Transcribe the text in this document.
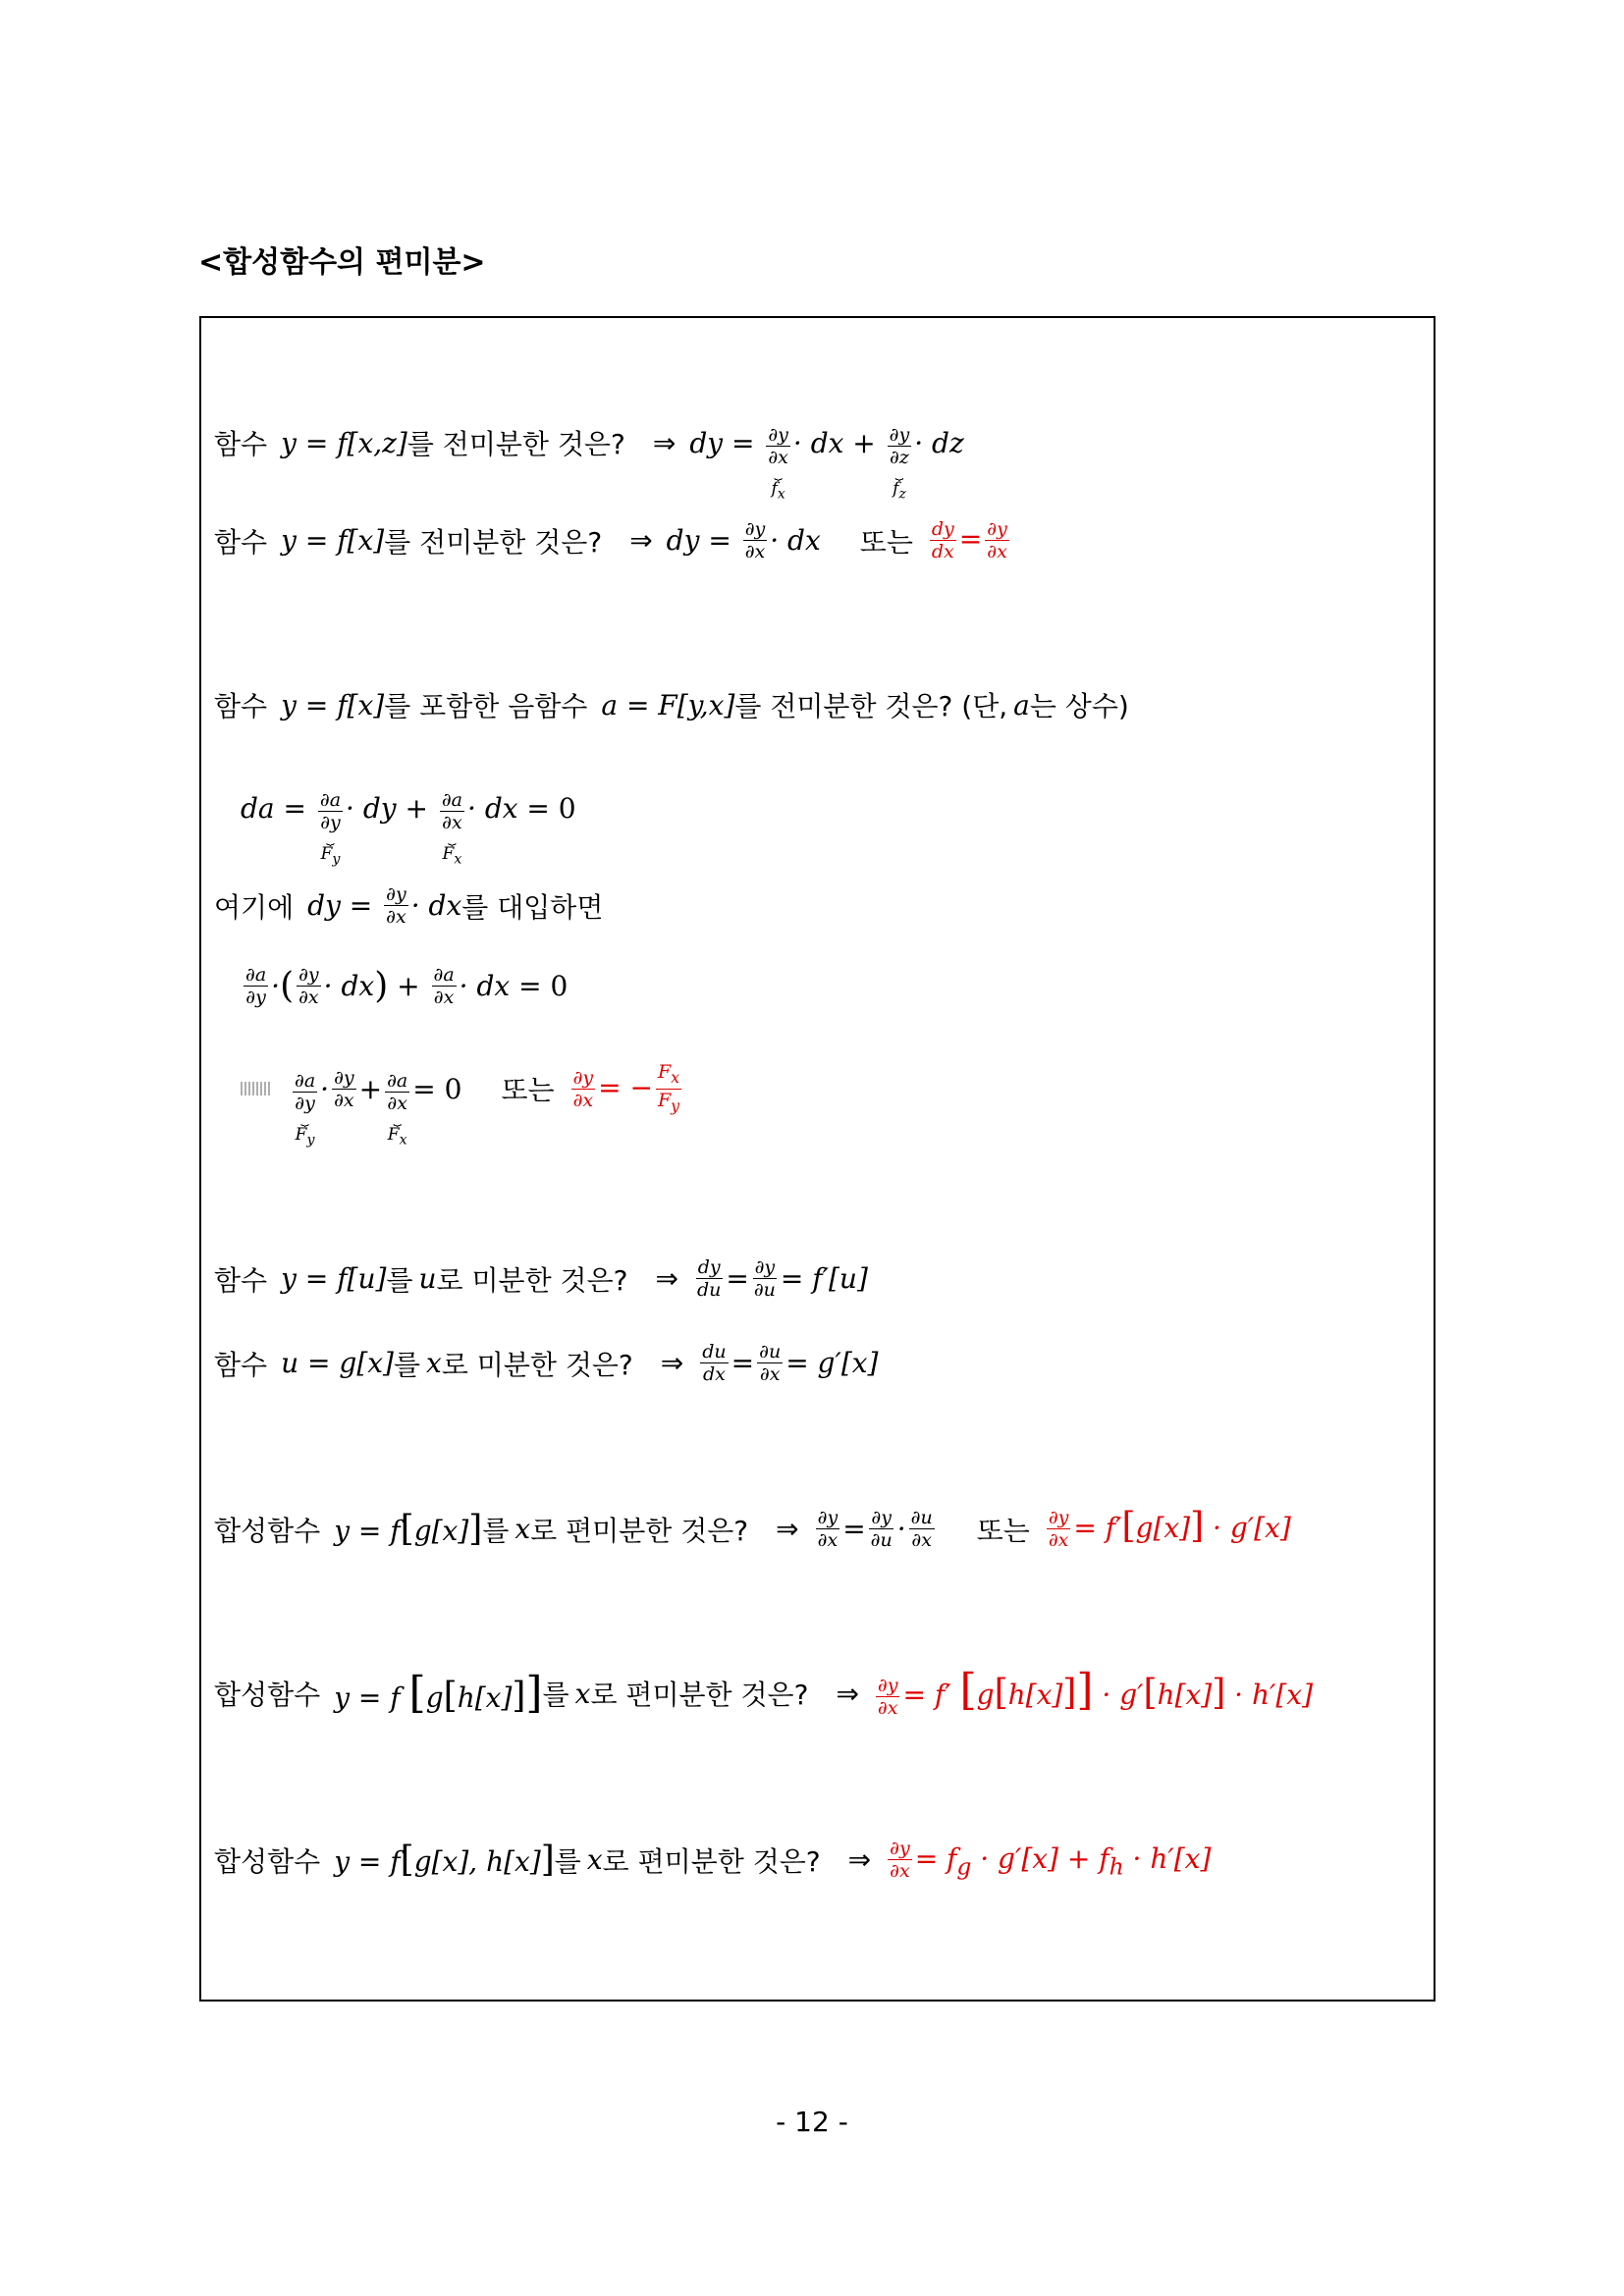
<합성함수의 편미분>
함수 y = f[x,z] 를 전미분한 것은? ⇒ dy = ∂y
∂x
⏟
$f_x$
· dx + ∂y
∂z
⏟
$f_z$
· dz
함수 y = f[x] 를 전미분한 것은? ⇒ dy = $\frac{\partial y}{\partial x}$ · dx 또는 $\frac{dy}{dx} = \frac{\partial y}{\partial x}$
함수 y = f[x] 를 포함한 음함수 a = F[y,x] 를 전미분한 것은? (단, a 는 상수)
da = ∂a
∂y
⏟
$F_y$
· dy + ∂a
∂x
⏟
$F_x$
· dx = 0
여기에 dy = $\frac{\partial y}{\partial x}$ · dx 를 대입하면
$\frac{\partial a}{\partial y}$ · ( $\frac{\partial y}{\partial x}$ · dx ) + $\frac{\partial a}{\partial x}$ · dx = 0
∂a
∂y
⏟
$F_y$
· $\frac{\partial y}{\partial x} + \partial a$
∂x
⏟
$F_x$
= 0 또는 $\frac{\partial y}{\partial x}$ = − $\frac{F_x}{F_y}$
함수 y = f[u] 를 u 로 미분한 것은? ⇒ $\frac{dy}{du} = \frac{\partial y}{\partial u} = f'[u]$
함수 u = g[x] 를 x 로 미분한 것은? ⇒ $\frac{du}{dx} = \frac{\partial u}{\partial x} = g'[x]$
합성함수 y = f[g[x]] 를 x 로 편미분한 것은? ⇒ $\frac{\partial y}{\partial x} = \frac{\partial y}{\partial u} \cdot \frac{\partial u}{\partial x}$ 또는 $\frac{\partial y}{\partial x} = f'[g[x]] \cdot g'[x]$
합성함수 y = f [g[h[x]]] 를 x 로 편미분한 것은? ⇒ $\frac{\partial y}{\partial x} = f'$ [g[h[x]]] · g′[h[x]] · h′[x]
합성함수 y = f[g[x], h[x]] 를 x 로 편미분한 것은? ⇒ $\frac{\partial y}{\partial x} = f_g \cdot g'[x] + f_h \cdot h'[x]$
- 12 -
